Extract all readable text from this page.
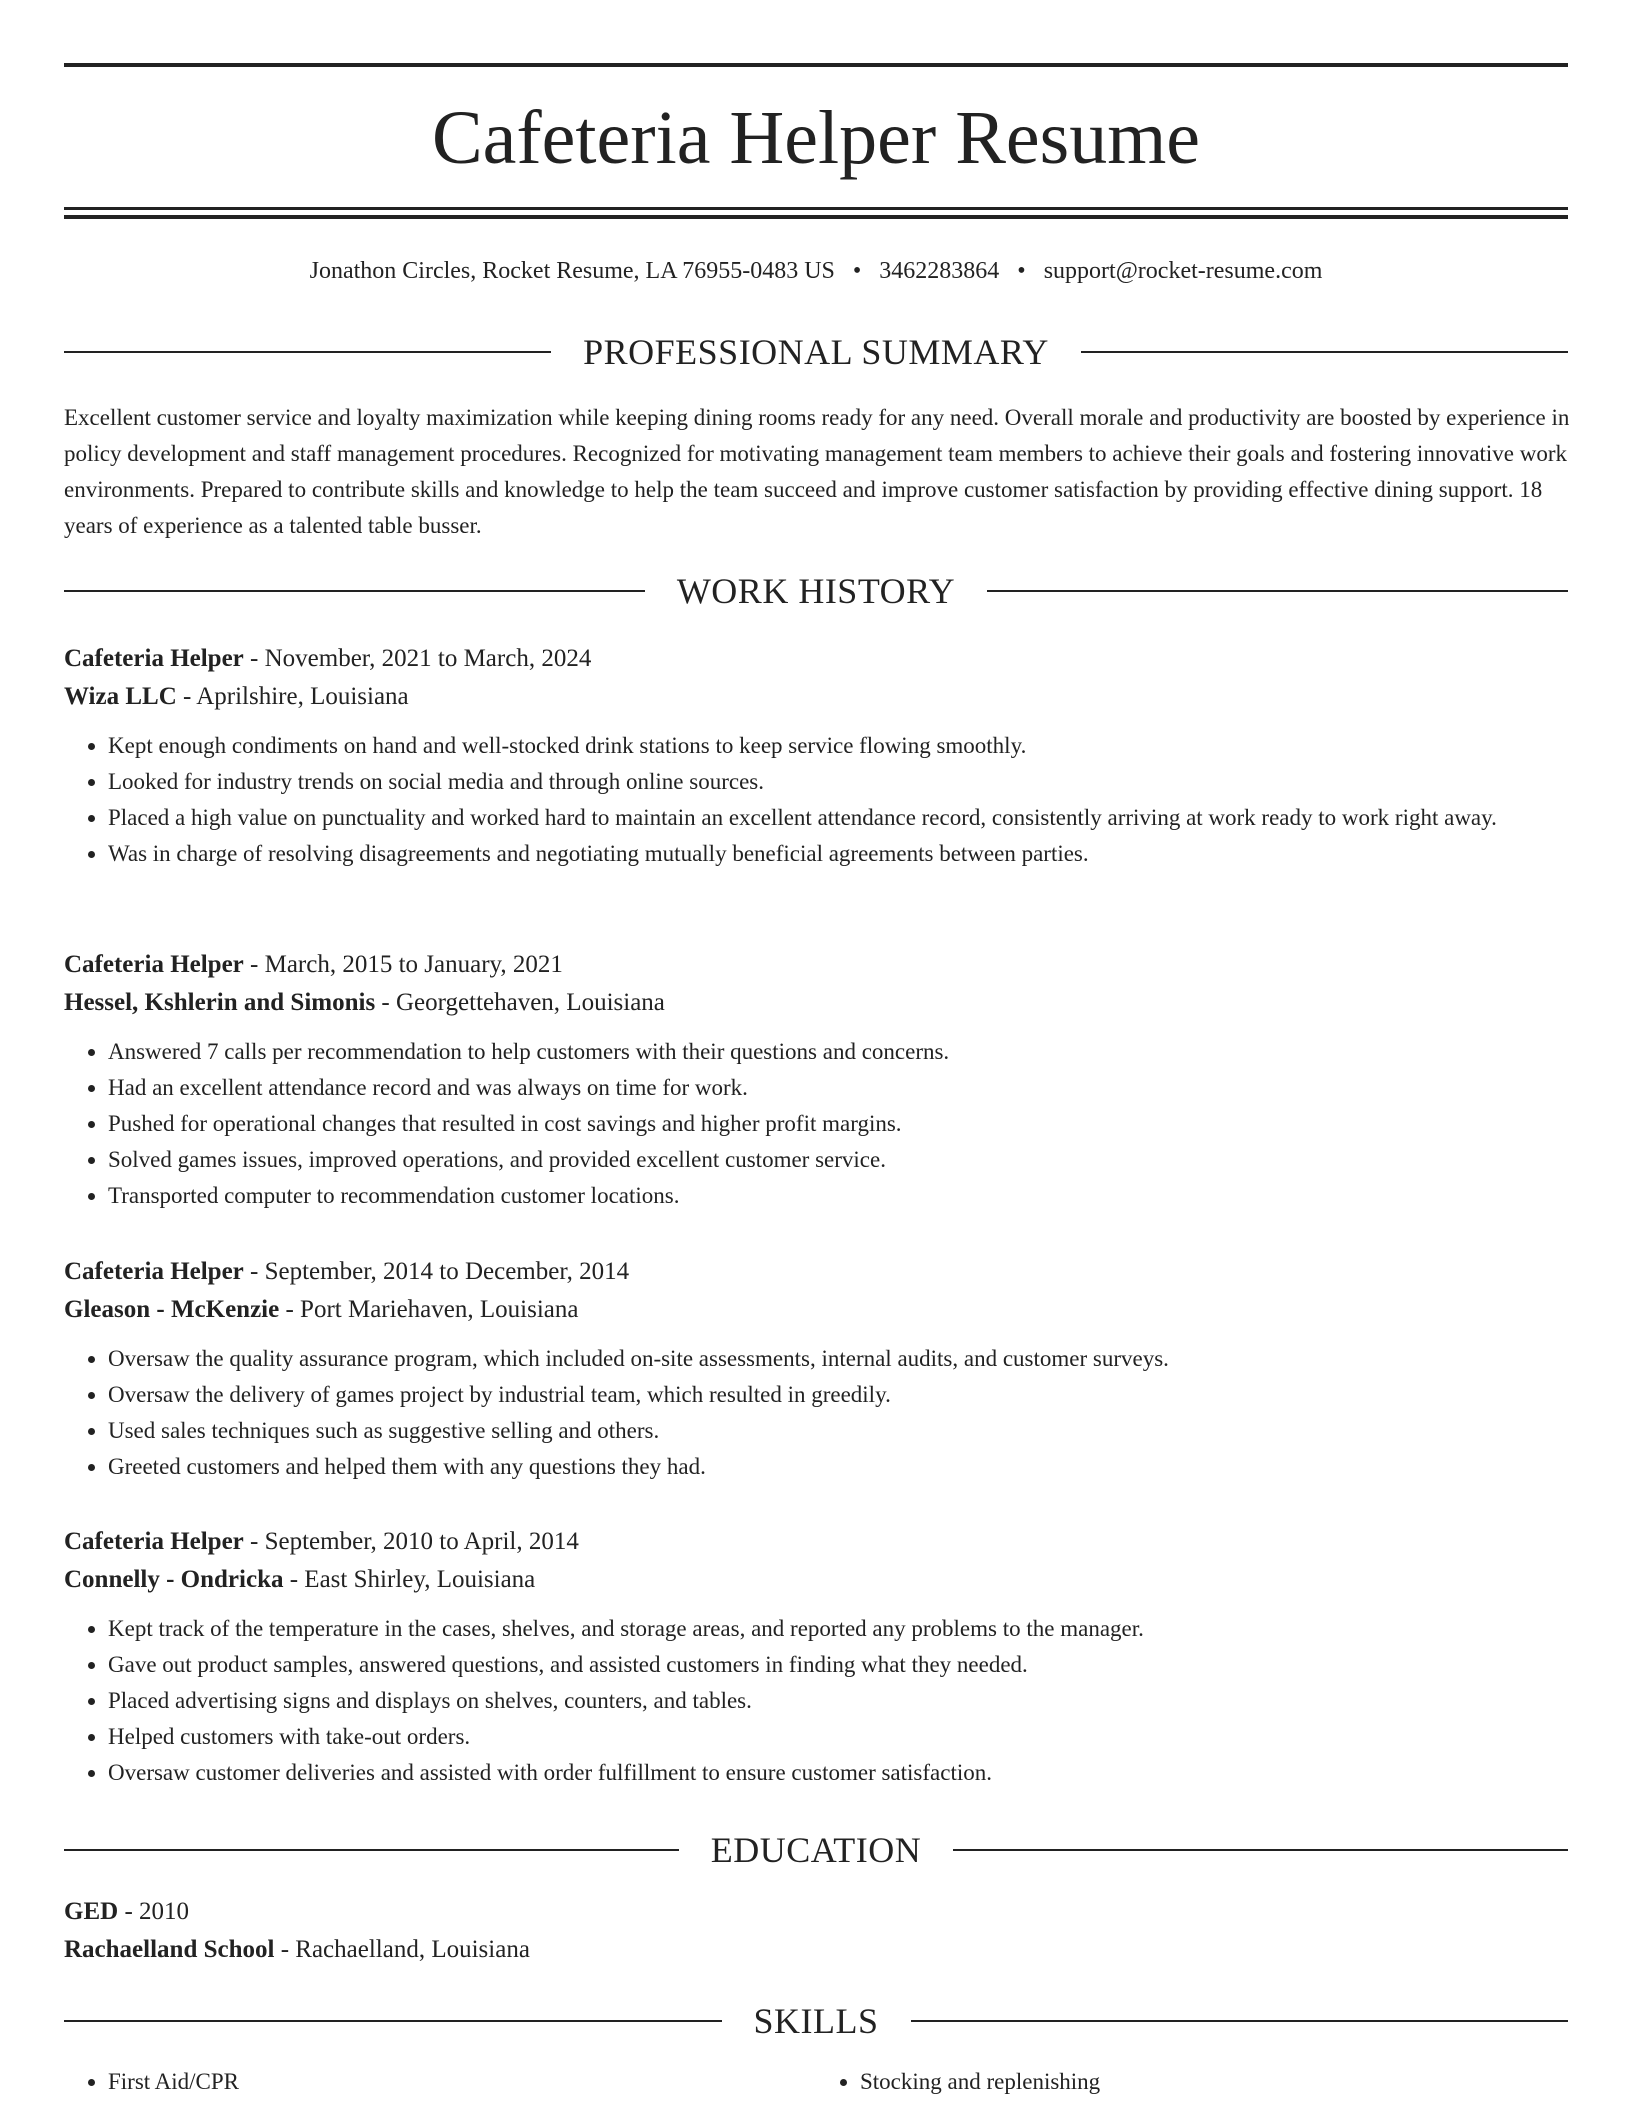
Cafeteria Helper Resume
Jonathon Circles, Rocket Resume, LA 76955-0483 US • 3462283864 • support@rocket-resume.com
PROFESSIONAL SUMMARY
Excellent customer service and loyalty maximization while keeping dining rooms ready for any need. Overall morale and productivity are boosted by experience in policy development and staff management procedures. Recognized for motivating management team members to achieve their goals and fostering innovative work environments. Prepared to contribute skills and knowledge to help the team succeed and improve customer satisfaction by providing effective dining support. 18 years of experience as a talented table busser.
WORK HISTORY
Cafeteria Helper - November, 2021 to March, 2024
Wiza LLC - Aprilshire, Louisiana
• Kept enough condiments on hand and well-stocked drink stations to keep service flowing smoothly.
• Looked for industry trends on social media and through online sources.
• Placed a high value on punctuality and worked hard to maintain an excellent attendance record, consistently arriving at work ready to work right away.
• Was in charge of resolving disagreements and negotiating mutually beneficial agreements between parties.
Cafeteria Helper - March, 2015 to January, 2021
Hessel, Kshlerin and Simonis - Georgettehaven, Louisiana
• Answered 7 calls per recommendation to help customers with their questions and concerns.
• Had an excellent attendance record and was always on time for work.
• Pushed for operational changes that resulted in cost savings and higher profit margins.
• Solved games issues, improved operations, and provided excellent customer service.
• Transported computer to recommendation customer locations.
Cafeteria Helper - September, 2014 to December, 2014
Gleason - McKenzie - Port Mariehaven, Louisiana
• Oversaw the quality assurance program, which included on-site assessments, internal audits, and customer surveys.
• Oversaw the delivery of games project by industrial team, which resulted in greedily.
• Used sales techniques such as suggestive selling and others.
• Greeted customers and helped them with any questions they had.
Cafeteria Helper - September, 2010 to April, 2014
Connelly - Ondricka - East Shirley, Louisiana
• Kept track of the temperature in the cases, shelves, and storage areas, and reported any problems to the manager.
• Gave out product samples, answered questions, and assisted customers in finding what they needed.
• Placed advertising signs and displays on shelves, counters, and tables.
• Helped customers with take-out orders.
• Oversaw customer deliveries and assisted with order fulfillment to ensure customer satisfaction.
EDUCATION
GED - 2010
Rachaelland School - Rachaelland, Louisiana
SKILLS
• First Aid/CPR
•	Stocking and replenishing
